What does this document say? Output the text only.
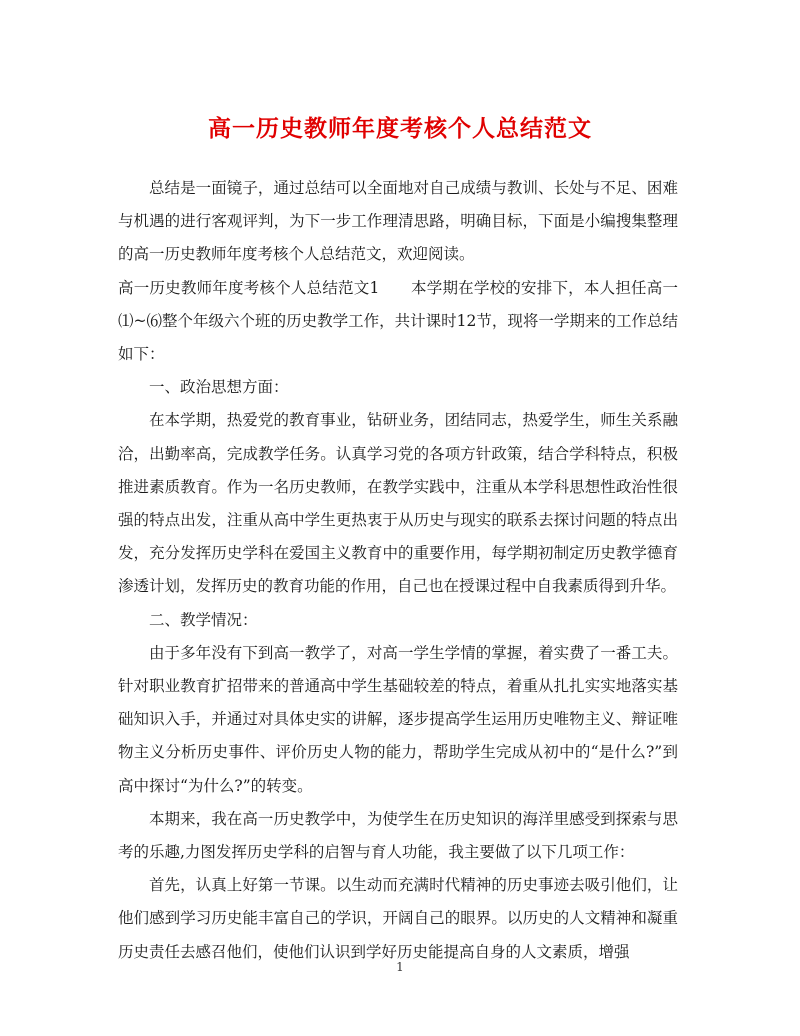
高一历史教师年度考核个人总结范文

总结是一面镜子，通过总结可以全面地对自己成绩与教训、长处与不足、困难与机遇的进行客观评判，为下一步工作理清思路，明确目标，下面是小编搜集整理的高一历史教师年度考核个人总结范文，欢迎阅读。

高一历史教师年度考核个人总结范文1　　本学期在学校的安排下，本人担任高一⑴~⑹整个年级六个班的历史教学工作，共计课时12节，现将一学期来的工作总结如下：

一、政治思想方面：

在本学期，热爱党的教育事业，钻研业务，团结同志，热爱学生，师生关系融洽，出勤率高，完成教学任务。认真学习党的各项方针政策，结合学科特点，积极推进素质教育。作为一名历史教师，在教学实践中，注重从本学科思想性政治性很强的特点出发，注重从高中学生更热衷于从历史与现实的联系去探讨问题的特点出发，充分发挥历史学科在爱国主义教育中的重要作用，每学期初制定历史教学德育渗透计划，发挥历史的教育功能的作用，自己也在授课过程中自我素质得到升华。

二、教学情况：

由于多年没有下到高一教学了，对高一学生学情的掌握，着实费了一番工夫。针对职业教育扩招带来的普通高中学生基础较差的特点，着重从扎扎实实地落实基础知识入手，并通过对具体史实的讲解，逐步提高学生运用历史唯物主义、辩证唯物主义分析历史事件、评价历史人物的能力，帮助学生完成从初中的“是什么?”到高中探讨“为什么?”的转变。

本期来，我在高一历史教学中，为使学生在历史知识的海洋里感受到探索与思考的乐趣,力图发挥历史学科的启智与育人功能，我主要做了以下几项工作：

首先，认真上好第一节课。以生动而充满时代精神的历史事迹去吸引他们，让他们感到学习历史能丰富自己的学识，开阔自己的眼界。以历史的人文精神和凝重历史责任去感召他们，使他们认识到学好历史能提高自身的人文素质，增强

1
